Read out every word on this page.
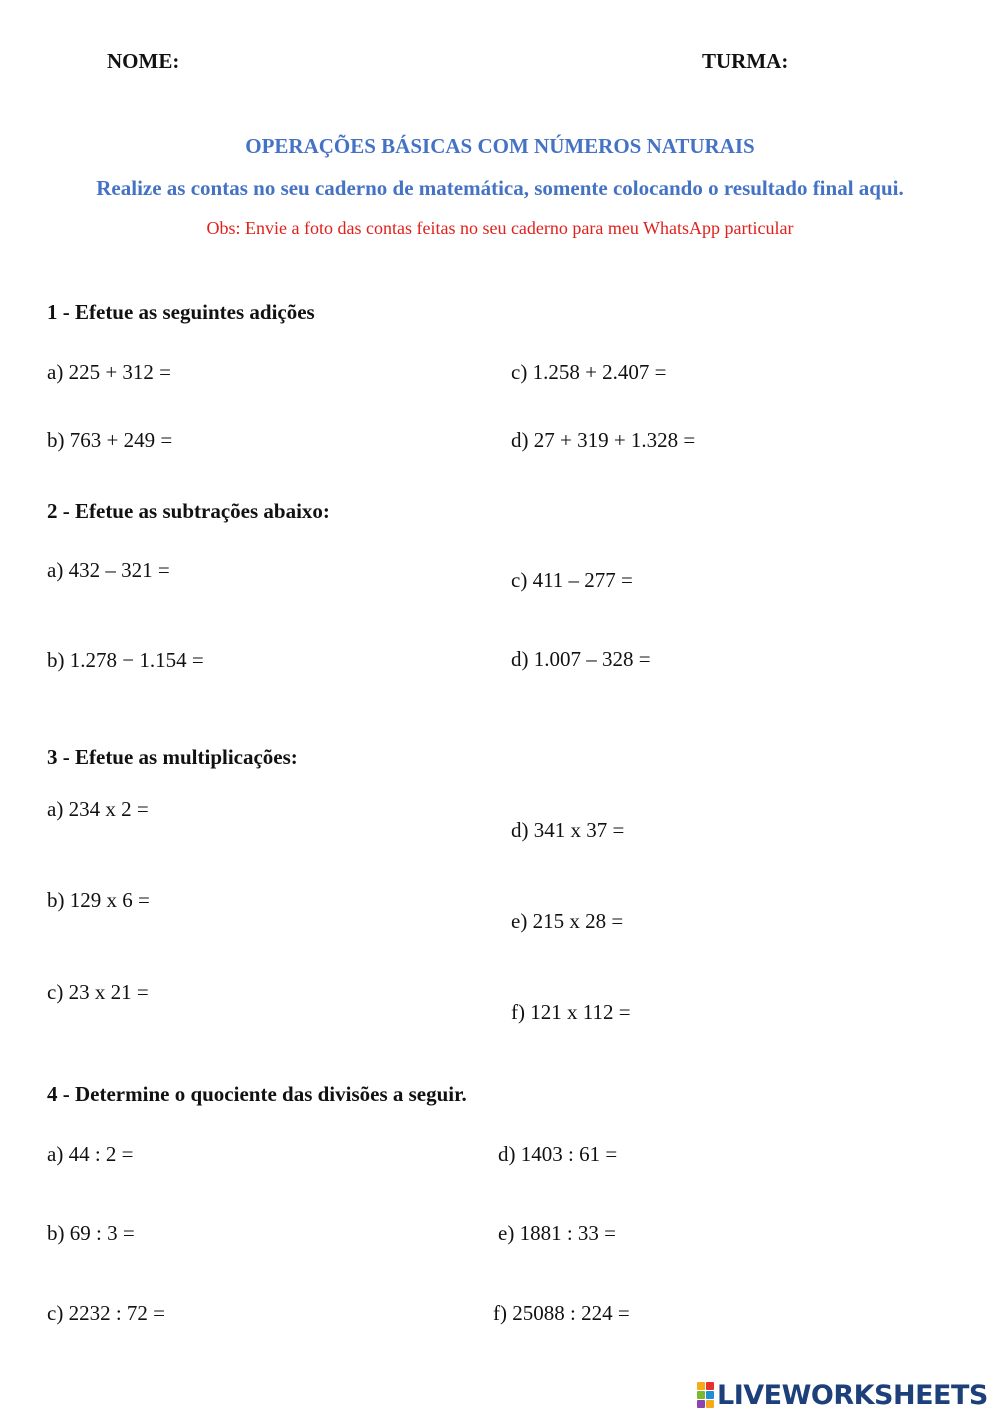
NOME:	TURMA:
OPERAÇÕES BÁSICAS COM NÚMEROS NATURAIS
Realize as contas no seu caderno de matemática, somente colocando o resultado final aqui.
Obs: Envie a foto das contas feitas no seu caderno para meu WhatsApp particular
1 - Efetue as seguintes adições
a) 225 + 312 =
b) 763 + 249 =
c) 1.258 + 2.407 =
d) 27 + 319 + 1.328 =
2 - Efetue as subtrações abaixo:
a) 432 – 321 =
b) 1.278 − 1.154 =
c) 411 – 277 =
d) 1.007 – 328 =
3 - Efetue as multiplicações:
a) 234 x 2 =
b) 129 x 6 =
c) 23 x 21 =
d) 341 x 37 =
e) 215 x 28 =
f) 121 x 112 =
4 - Determine o quociente das divisões a seguir.
a) 44 : 2 =
b) 69 : 3 =
c) 2232 : 72 =
d) 1403 : 61 =
e) 1881 : 33 =
f) 25088 : 224 =
LIVEWORKSHEETS
